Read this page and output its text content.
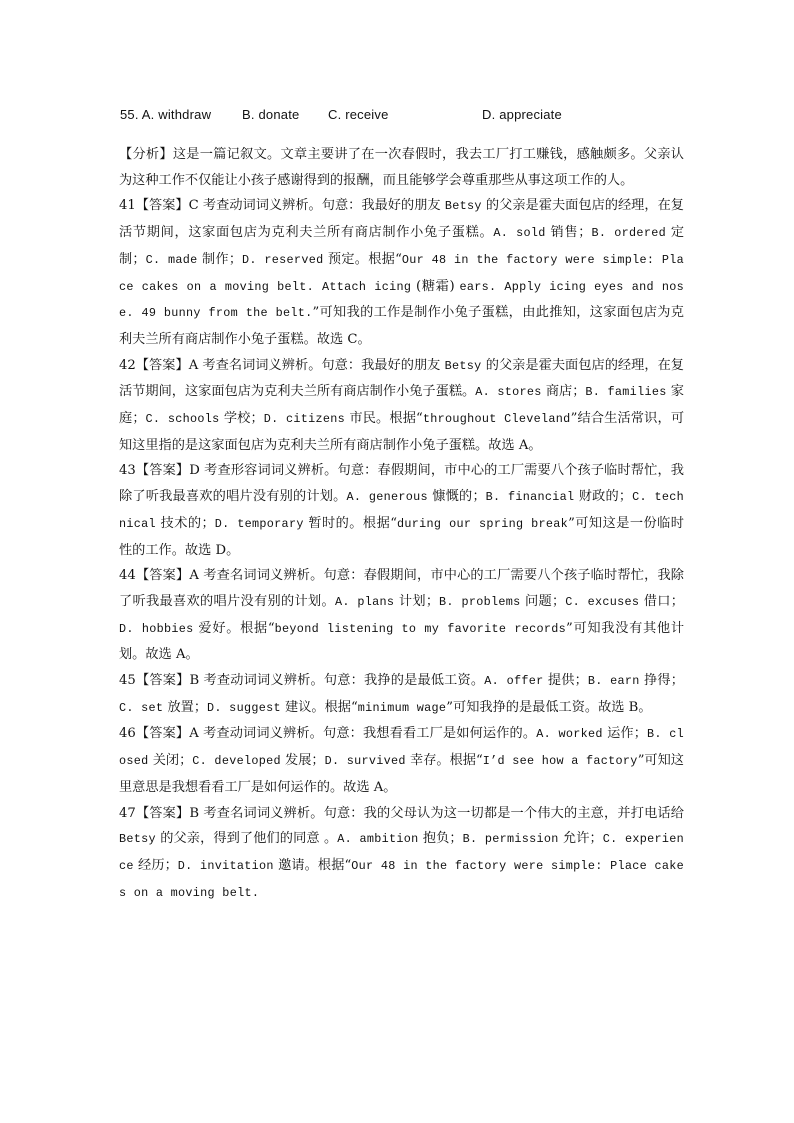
55. A. withdraw B. donate C. receive	D. appreciate

【分析】这是一篇记叙文。文章主要讲了在一次春假时，我去工厂打工赚钱，感触颇多。父亲认为这种工作不仅能让小孩子感谢得到的报酬，而且能够学会尊重那些从事这项工作的人。

41【答案】C 考查动词词义辨析。句意：我最好的朋友 Betsy 的父亲是霍夫面包店的经理，在复活节期间，这家面包店为克利夫兰所有商店制作小兔子蛋糕。A. sold 销售；B. ordered 定制；C. made 制作；D. reserved 预定。根据“Our 48 in the factory were simple: Place cakes on a moving belt. Attach icing (糖霜) ears. Apply icing eyes and nose. 49 bunny from the belt.”可知我的工作是制作小兔子蛋糕，由此推知，这家面包店为克利夫兰所有商店制作小兔子蛋糕。故选 C。

42【答案】A 考查名词词义辨析。句意：我最好的朋友 Betsy 的父亲是霍夫面包店的经理，在复活节期间，这家面包店为克利夫兰所有商店制作小兔子蛋糕。A. stores 商店；B. families 家庭；C. schools 学校；D. citizens 市民。根据“throughout Cleveland”结合生活常识，可知这里指的是这家面包店为克利夫兰所有商店制作小兔子蛋糕。故选 A。

43【答案】D 考查形容词词义辨析。句意：春假期间，市中心的工厂需要八个孩子临时帮忙，我除了听我最喜欢的唱片没有别的计划。A. generous 慷慨的；B. financial 财政的；C. technical 技术的；D. temporary 暂时的。根据“during our spring break”可知这是一份临时性的工作。故选 D。

44【答案】A 考查名词词义辨析。句意：春假期间，市中心的工厂需要八个孩子临时帮忙，我除了听我最喜欢的唱片没有别的计划。A. plans 计划；B. problems 问题；C. excuses 借口；D. hobbies 爱好。根据“beyond listening to my favorite records”可知我没有其他计划。故选 A。

45【答案】B 考查动词词义辨析。句意：我挣的是最低工资。A. offer 提供；B. earn 挣得；C. set 放置；D. suggest 建议。根据“minimum wage”可知我挣的是最低工资。故选 B。

46【答案】A 考查动词词义辨析。句意：我想看看工厂是如何运作的。A. worked 运作；B. closed 关闭；C. developed 发展；D. survived 幸存。根据“I’d see how a factory”可知这里意思是我想看看工厂是如何运作的。故选 A。

47【答案】B 考查名词词义辨析。句意：我的父母认为这一切都是一个伟大的主意，并打电话给 Betsy 的父亲，得到了他们的同意 。A. ambition 抱负；B. permission 允许；C. experience 经历；D. invitation 邀请。根据“Our 48 in the factory were simple: Place cakes on a moving belt.
